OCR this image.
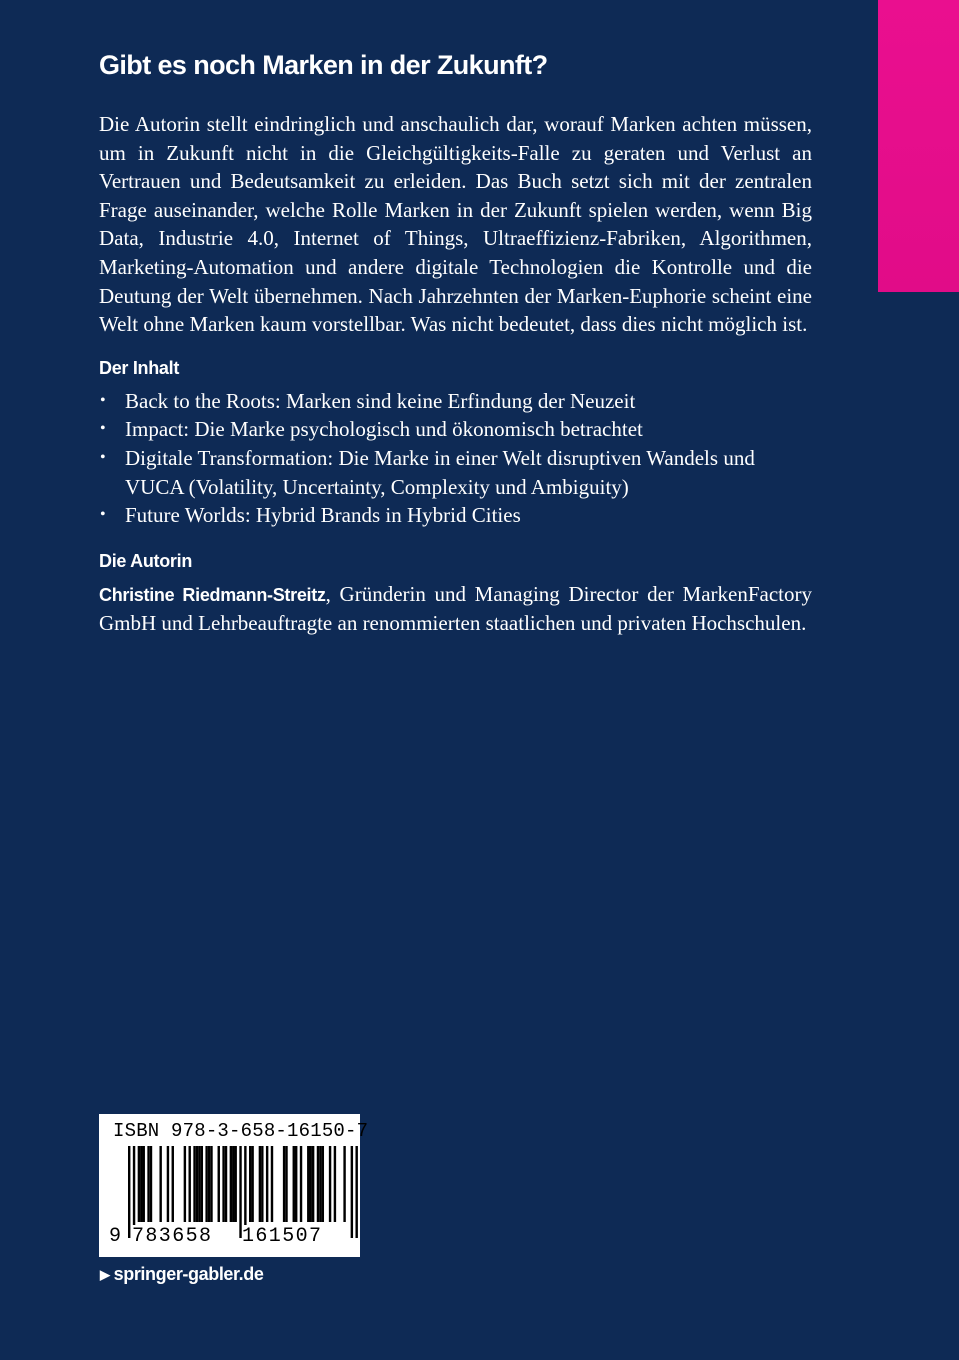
Gibt es noch Marken in der Zukunft?

Die Autorin stellt eindringlich und anschaulich dar, worauf Marken achten müssen, um in Zukunft nicht in die Gleichgültigkeits-Falle zu geraten und Verlust an Vertrauen und Bedeutsamkeit zu erleiden. Das Buch setzt sich mit der zentralen Frage auseinander, welche Rolle Marken in der Zukunft spielen werden, wenn Big Data, Industrie 4.0, Internet of Things, Ultraeffizienz-Fabriken, Algorithmen, Marketing-Automation und andere digitale Technologien die Kontrolle und die Deutung der Welt übernehmen. Nach Jahrzehnten der Marken-Euphorie scheint eine Welt ohne Marken kaum vorstellbar. Was nicht bedeutet, dass dies nicht möglich ist.

Der Inhalt
• Back to the Roots: Marken sind keine Erfindung der Neuzeit
• Impact: Die Marke psychologisch und ökonomisch betrachtet
• Digitale Transformation: Die Marke in einer Welt disruptiven Wandels und VUCA (Volatility, Uncertainty, Complexity und Ambiguity)
• Future Worlds: Hybrid Brands in Hybrid Cities
Die Autorin

Christine Riedmann-Streitz, Gründerin und Managing Director der MarkenFactory GmbH und Lehrbeauftragte an renommierten staatlichen und privaten Hochschulen.

ISBN 978-3-658-16150-7
9 783658 161507
▶ springer-gabler.de
